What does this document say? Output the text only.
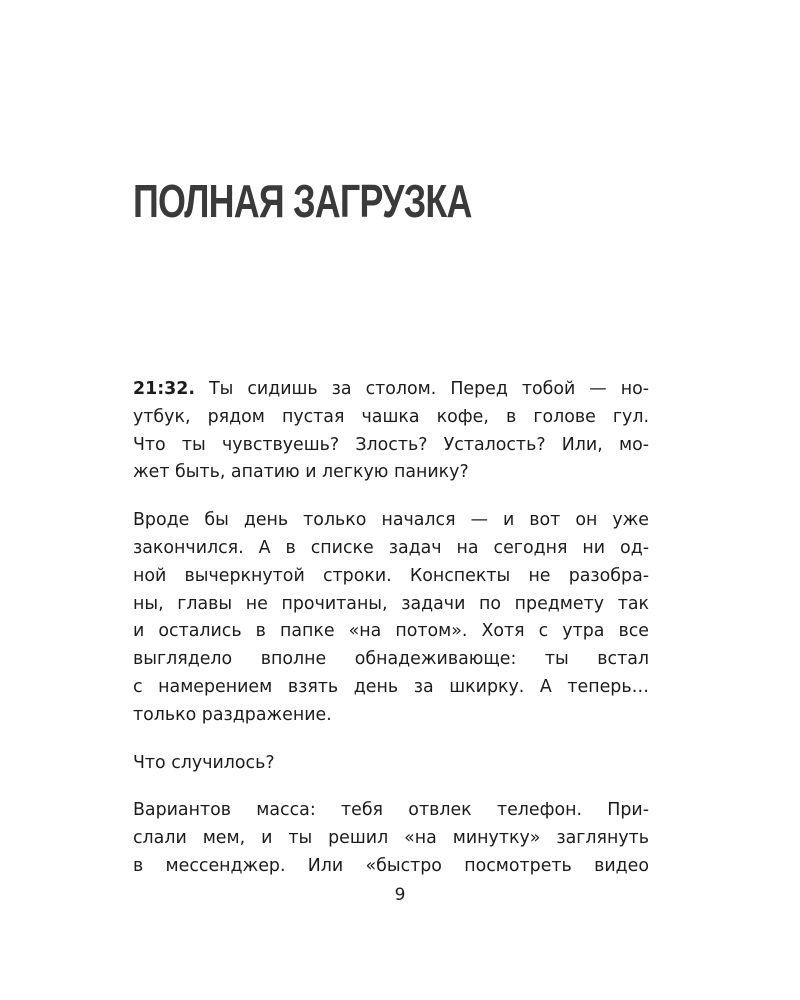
ПОЛНАЯ ЗАГРУЗКА
21:32. Ты сидишь за столом. Перед тобой — но-
утбук, рядом пустая чашка кофе, в голове гул.
Что ты чувствуешь? Злость? Усталость? Или, мо-
жет быть, апатию и легкую панику?
Вроде бы день только начался — и вот он уже
закончился. А в списке задач на сегодня ни од-
ной вычеркнутой строки. Конспекты не разобра-
ны, главы не прочитаны, задачи по предмету так
и остались в папке «на потом». Хотя с утра все
выглядело вполне обнадеживающе: ты встал
с намерением взять день за шкирку. А теперь…
только раздражение.
Что случилось?
Вариантов масса: тебя отвлек телефон. При-
слали мем, и ты решил «на минутку» заглянуть
в мессенджер. Или «быстро посмотреть видео
9
